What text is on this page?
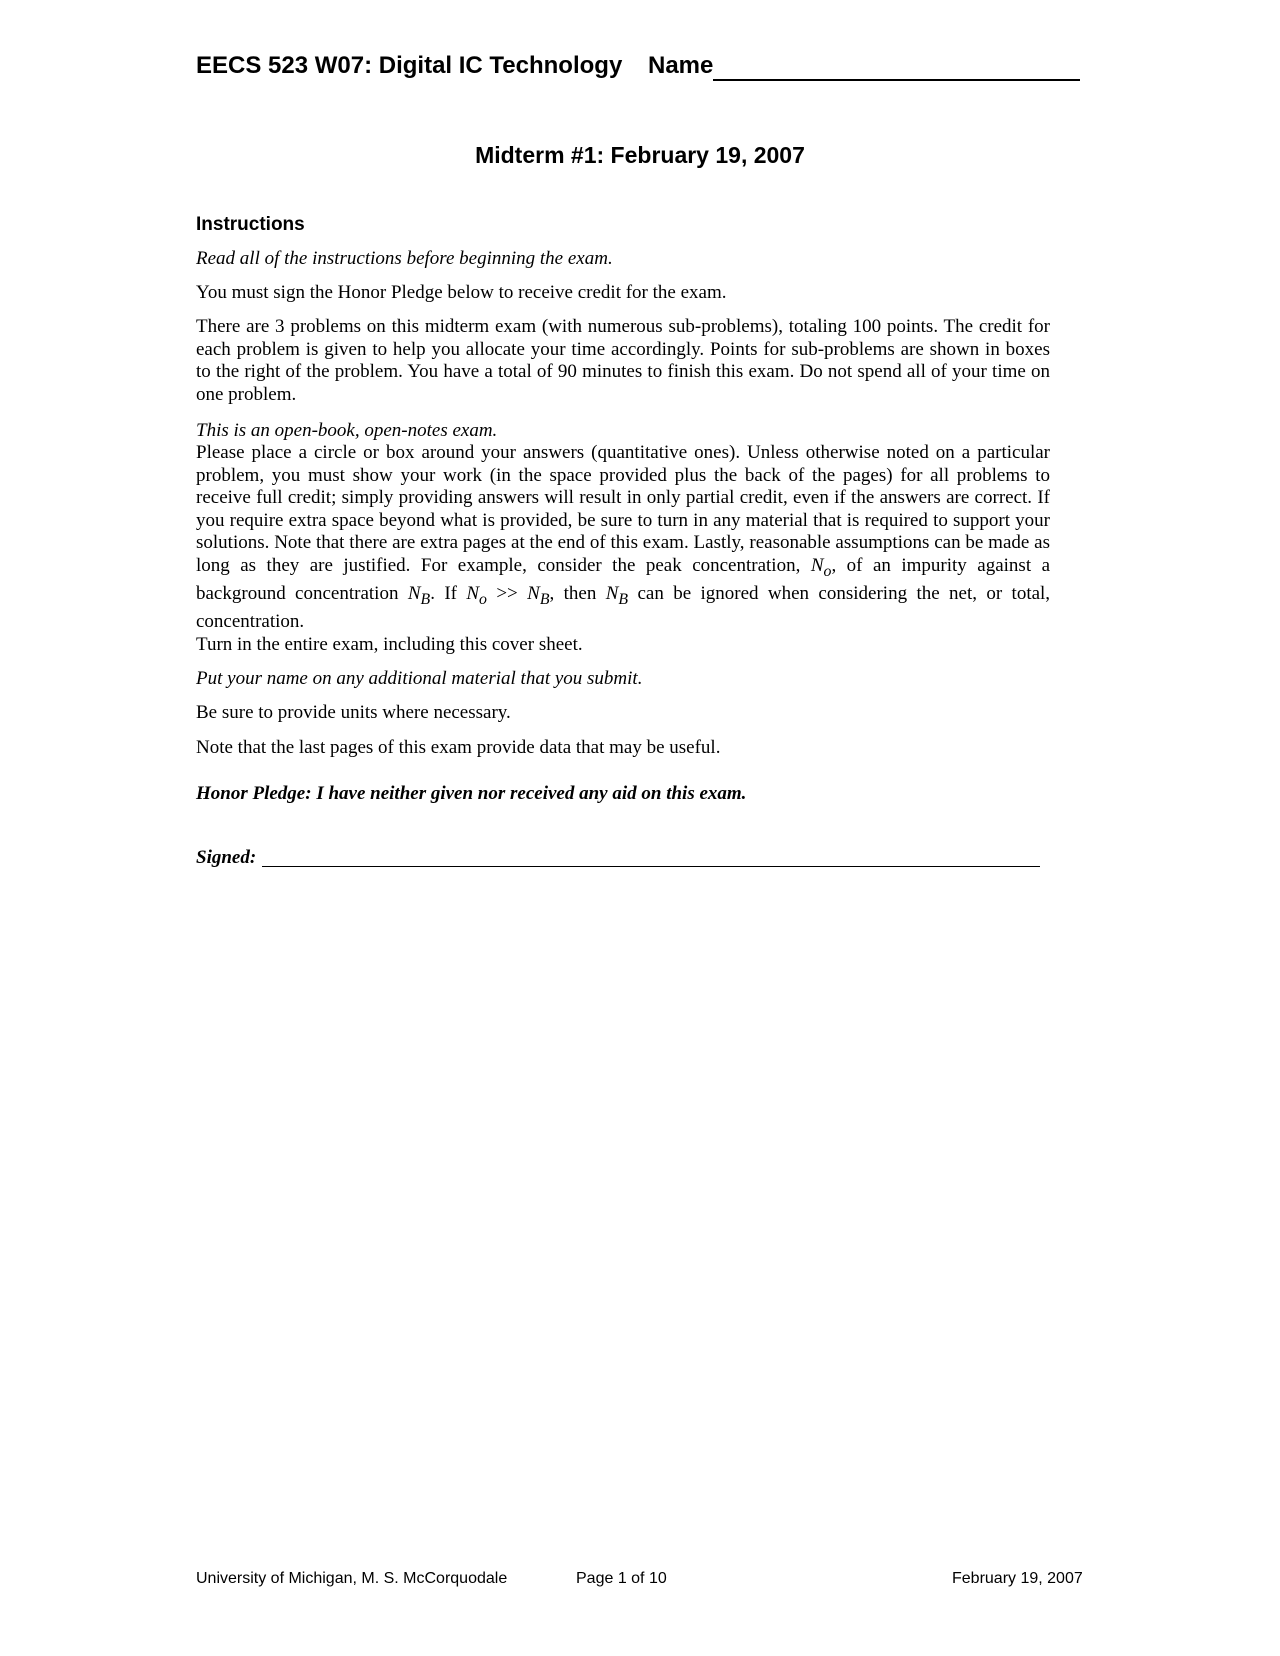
EECS 523 W07: Digital IC Technology Name
Midterm #1: February 19, 2007
Instructions
Read all of the instructions before beginning the exam.
You must sign the Honor Pledge below to receive credit for the exam.
There are 3 problems on this midterm exam (with numerous sub-problems), totaling 100 points. The credit for each problem is given to help you allocate your time accordingly. Points for sub-problems are shown in boxes to the right of the problem. You have a total of 90 minutes to finish this exam. Do not spend all of your time on one problem.
This is an open-book, open-notes exam.
Please place a circle or box around your answers (quantitative ones). Unless otherwise noted on a particular problem, you must show your work (in the space provided plus the back of the pages) for all problems to receive full credit; simply providing answers will result in only partial credit, even if the answers are correct. If you require extra space beyond what is provided, be sure to turn in any material that is required to support your solutions. Note that there are extra pages at the end of this exam. Lastly, reasonable assumptions can be made as long as they are justified. For example, consider the peak concentration, $N_o$, of an impurity against a background concentration $N_B$. If $N_o >> N_B$, then $N_B$ can be ignored when considering the net, or total, concentration.
Turn in the entire exam, including this cover sheet.
Put your name on any additional material that you submit.
Be sure to provide units where necessary.
Note that the last pages of this exam provide data that may be useful.
Honor Pledge: I have neither given nor received any aid on this exam.
Signed:
University of Michigan, M. S. McCorquodale	Page 1 of 10	February 19, 2007
